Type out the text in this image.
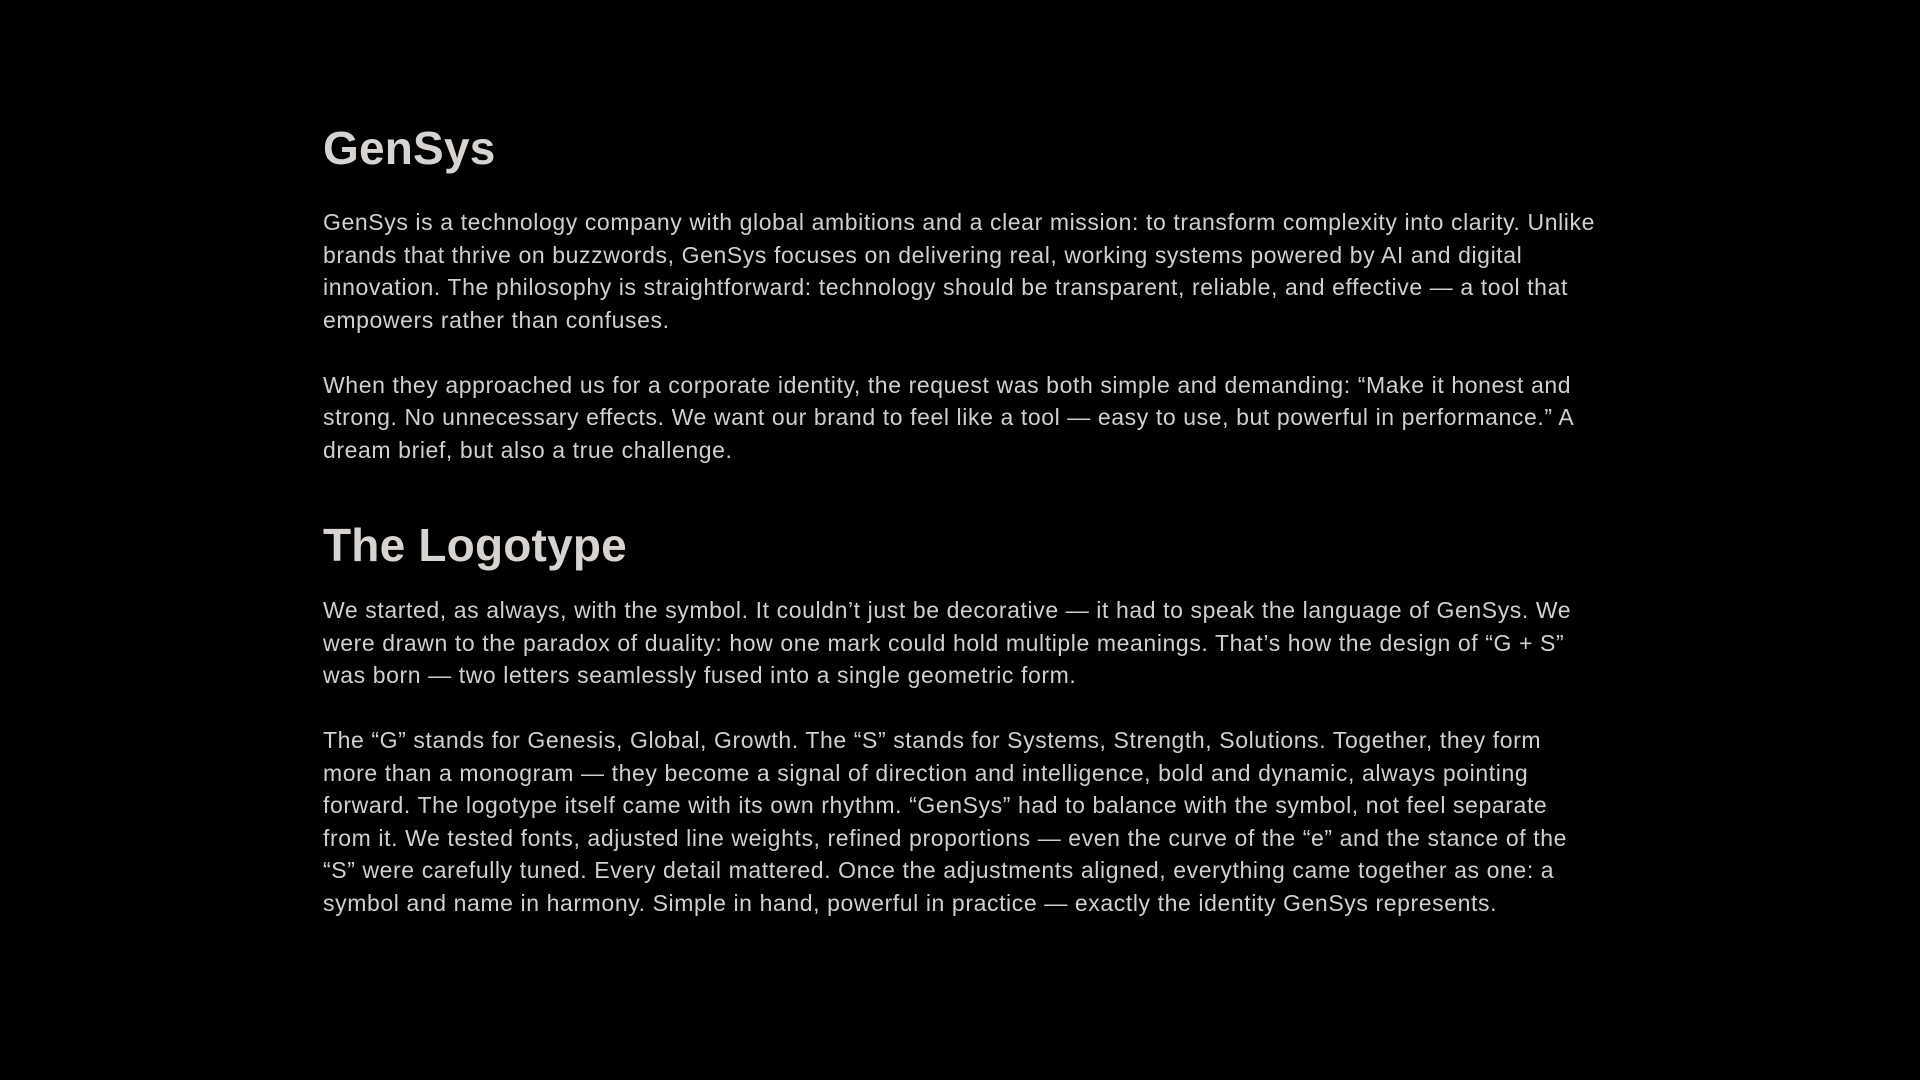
GenSys

GenSys is a technology company with global ambitions and a clear mission: to transform complexity into clarity. Unlike brands that thrive on buzzwords, GenSys focuses on delivering real, working systems powered by AI and digital innovation. The philosophy is straightforward: technology should be transparent, reliable, and effective — a tool that empowers rather than confuses.

When they approached us for a corporate identity, the request was both simple and demanding: “Make it honest and strong. No unnecessary effects. We want our brand to feel like a tool — easy to use, but powerful in performance.” A dream brief, but also a true challenge.

The Logotype

We started, as always, with the symbol. It couldn’t just be decorative — it had to speak the language of GenSys. We were drawn to the paradox of duality: how one mark could hold multiple meanings. That’s how the design of “G + S” was born — two letters seamlessly fused into a single geometric form.

The “G” stands for Genesis, Global, Growth. The “S” stands for Systems, Strength, Solutions. Together, they form more than a monogram — they become a signal of direction and intelligence, bold and dynamic, always pointing forward. The logotype itself came with its own rhythm. “GenSys” had to balance with the symbol, not feel separate from it. We tested fonts, adjusted line weights, refined proportions — even the curve of the “e” and the stance of the “S” were carefully tuned. Every detail mattered. Once the adjustments aligned, everything came together as one: a symbol and name in harmony. Simple in hand, powerful in practice — exactly the identity GenSys represents.
